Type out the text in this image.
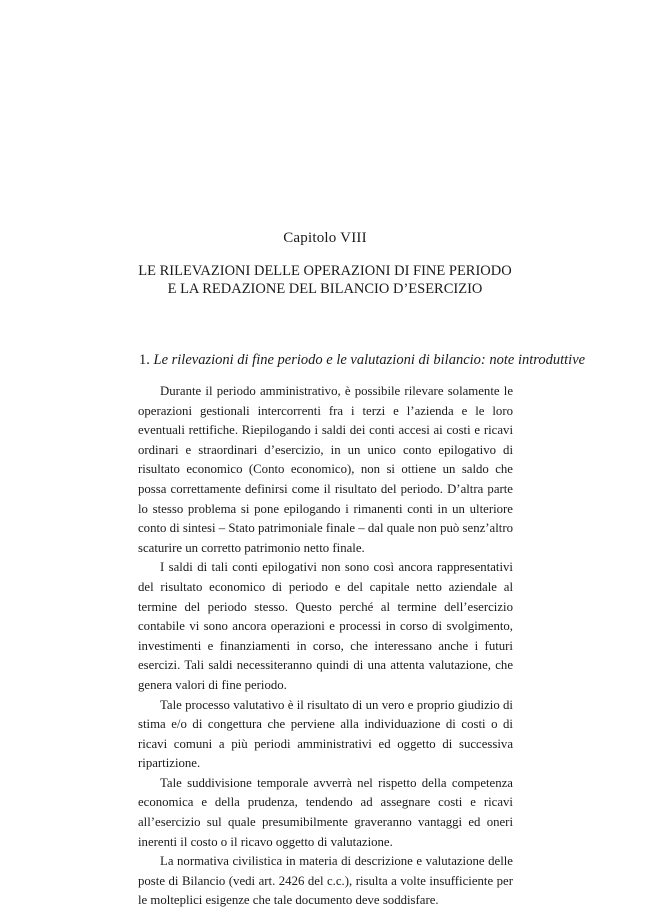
Capitolo VIII
LE RILEVAZIONI DELLE OPERAZIONI DI FINE PERIODO
E LA REDAZIONE DEL BILANCIO D’ESERCIZIO
1. Le rilevazioni di fine periodo e le valutazioni di bilancio: note introduttive

Durante il periodo amministrativo, è possibile rilevare solamente le operazioni gestionali intercorrenti fra i terzi e l’azienda e le loro eventuali rettifiche. Riepilogando i saldi dei conti accesi ai costi e ricavi ordinari e straordinari d’esercizio, in un unico conto epilogativo di risultato economico (Conto economico), non si ottiene un saldo che possa correttamente definirsi come il risultato del periodo. D’altra parte lo stesso problema si pone epilogando i rimanenti conti in un ulteriore conto di sintesi – Stato patrimoniale finale – dal quale non può senz’altro scaturire un corretto patrimonio netto finale.

I saldi di tali conti epilogativi non sono così ancora rappresentativi del risultato economico di periodo e del capitale netto aziendale al termine del periodo stesso. Questo perché al termine dell’esercizio contabile vi sono ancora operazioni e processi in corso di svolgimento, investimenti e finanziamenti in corso, che interessano anche i futuri esercizi. Tali saldi necessiteranno quindi di una attenta valutazione, che genera valori di fine periodo.

Tale processo valutativo è il risultato di un vero e proprio giudizio di stima e/o di congettura che perviene alla individuazione di costi o di ricavi comuni a più periodi amministrativi ed oggetto di successiva ripartizione.

Tale suddivisione temporale avverrà nel rispetto della competenza economica e della prudenza, tendendo ad assegnare costi e ricavi all’esercizio sul quale presumibilmente graveranno vantaggi ed oneri inerenti il costo o il ricavo oggetto di valutazione.

La normativa civilistica in materia di descrizione e valutazione delle poste di Bilancio (vedi art. 2426 del c.c.), risulta a volte insufficiente per le molteplici esigenze che tale documento deve soddisfare.
